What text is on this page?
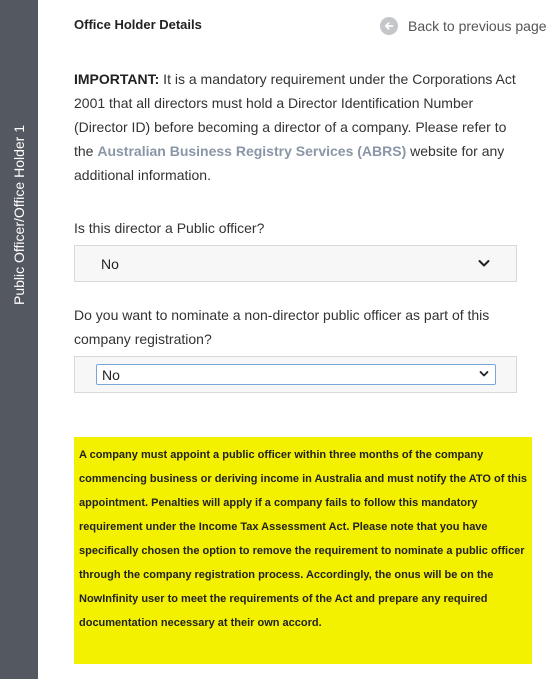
Public Officer/Office Holder 1
Office Holder Details	Back to previous page

IMPORTANT: It is a mandatory requirement under the Corporations Act 2001 that all directors must hold a Director Identification Number (Director ID) before becoming a director of a company. Please refer to the Australian Business Registry Services (ABRS) website for any additional information.

Is this director a Public officer?
No
Do you want to nominate a non-director public officer as part of this company registration?
No
A company must appoint a public officer within three months of the company commencing business or deriving income in Australia and must notify the ATO of this appointment. Penalties will apply if a company fails to follow this mandatory requirement under the Income Tax Assessment Act. Please note that you have specifically chosen the option to remove the requirement to nominate a public officer through the company registration process. Accordingly, the onus will be on the NowInfinity user to meet the requirements of the Act and prepare any required documentation necessary at their own accord.
